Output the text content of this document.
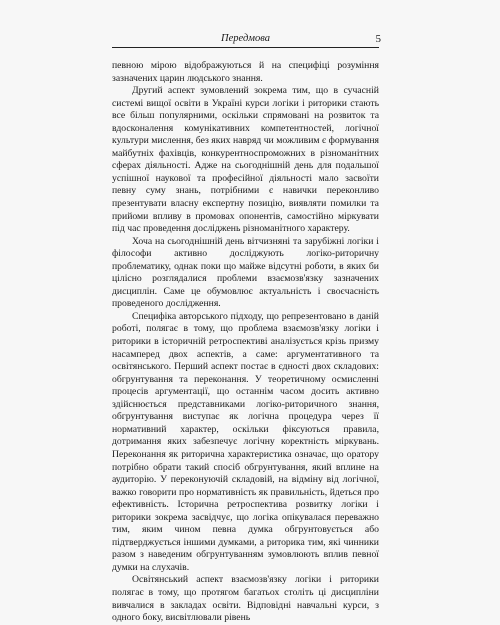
Передмова	5

певною мірою відображуються й на специфіці розуміння зазначених царин людського знання.

Другий аспект зумовлений зокрема тим, що в сучасній системі вищої освіти в Україні курси логіки і риторики стають все більш популярними, оскільки спрямовані на розвиток та вдосконалення комунікативних компетентностей, логічної культури мислення, без яких навряд чи можливим є формування майбутніх фахівців, конкурентноспроможних в різноманітних сферах діяльності. Адже на сьогоднішній день для подальшої успішної наукової та професійної діяльності мало засвоїти певну суму знань, потрібними є навички переконливо презентувати власну експертну позицію, виявляти помилки та прийоми впливу в промовах опонентів, самостійно міркувати під час проведення досліджень різноманітного характеру.

Хоча на сьогоднішній день вітчизняні та зарубіжні логіки і філософи активно досліджують логіко-риторичну проблематику, однак поки що майже відсутні роботи, в яких би цілісно розглядалися проблеми взаємозв'язку зазначених дисциплін. Саме це обумовлює актуальність і своєчасність проведеного дослідження.

Специфіка авторського підходу, що репрезентовано в даній роботі, полягає в тому, що проблема взаємозв'язку логіки і риторики в історичній ретроспективі аналізується крізь призму насамперед двох аспектів, а саме: аргументативного та освітянського. Перший аспект постає в єдності двох складових: обгрунтування та переконання. У теоретичному осмисленні процесів аргументації, що останнім часом досить активно здійснюється представниками логіко-риторичного знання, обгрунтування виступає як логічна процедура через її нормативний характер, оскільки фіксуються правила, дотримання яких забезпечує логічну коректність міркувань. Переконання як риторична характеристика означає, що оратору потрібно обрати такий спосіб обгрунтування, який вплине на аудиторію. У переконуючій складовій, на відміну від логічної, важко говорити про нормативність як правильність, йдеться про ефективність. Історична ретроспектива розвитку логіки і риторики зокрема засвідчує, що логіка опікувалася переважно тим, яким чином певна думка обгрунтовується або підтверджується іншими думками, а риторика тим, які чинники разом з наведеним обгрунтуванням зумовлюють вплив певної думки на слухачів.

Освітянський аспект взаємозв'язку логіки і риторики полягає в тому, що протягом багатьох століть ці дисципліни вивчалися в закладах освіти. Відповідні навчальні курси, з одного боку, висвітлювали рівень
